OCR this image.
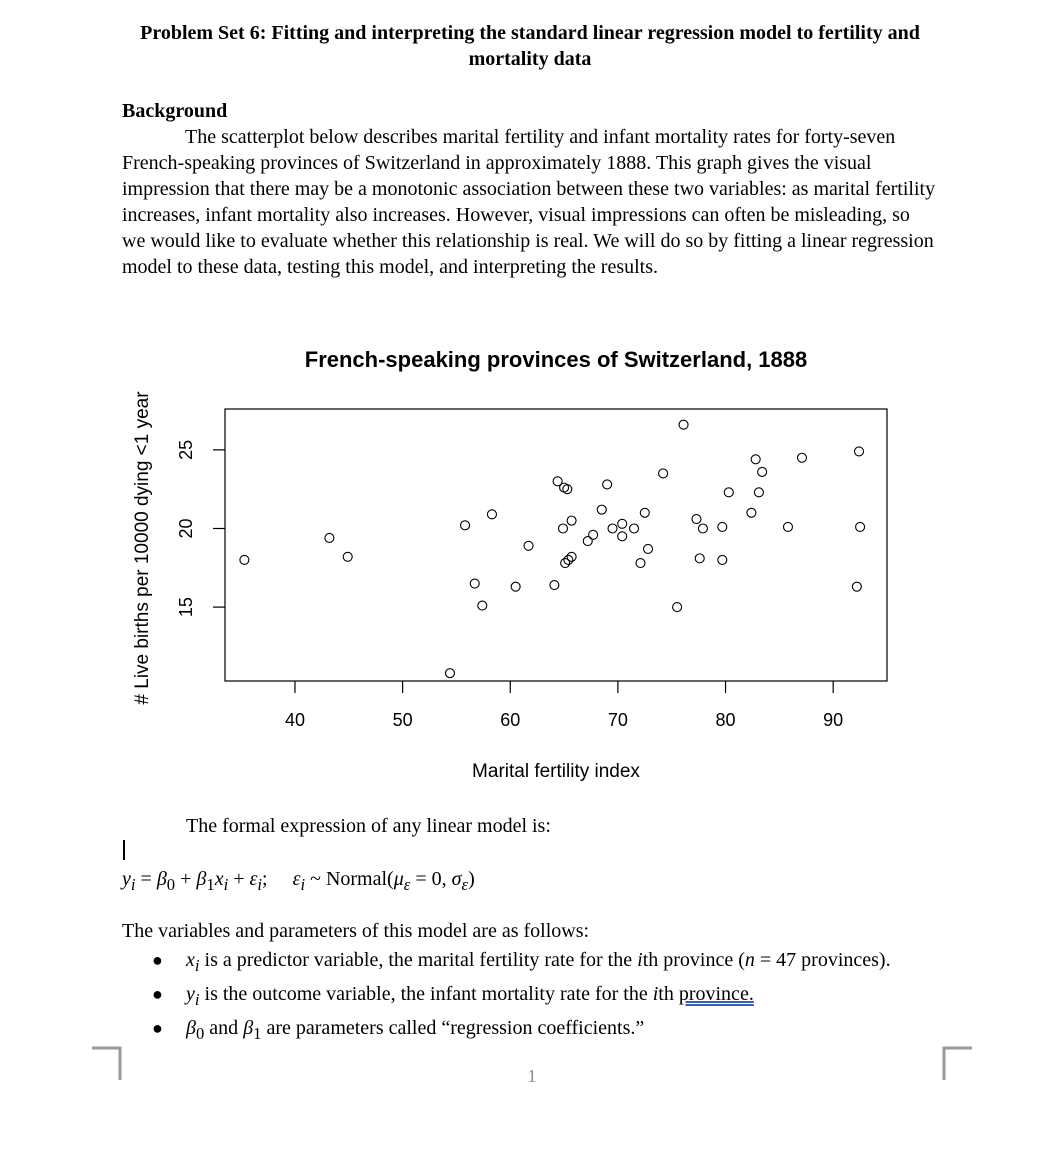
Problem Set 6: Fitting and interpreting the standard linear regression model to fertility and mortality data
Background
The scatterplot below describes marital fertility and infant mortality rates for forty-seven French-speaking provinces of Switzerland in approximately 1888. This graph gives the visual impression that there may be a monotonic association between these two variables: as marital fertility increases, infant mortality also increases. However, visual impressions can often be misleading, so we would like to evaluate whether this relationship is real. We will do so by fitting a linear regression model to these data, testing this model, and interpreting the results.
French-speaking provinces of Switzerland, 1888
40	50	60	70	80	90
15
20
25
Marital fertility index
# Live births per 10000 dying <1 year
The formal expression of any linear model is:
$y_i = \beta_0 + \beta_1x_i + \varepsilon_i$;     $\varepsilon_i$ ~ $Normal(\mu_\varepsilon = 0$, $\sigma_\varepsilon$)
The variables and parameters of this model are as follows:
● $x_i$ is a predictor variable, the marital fertility rate for the ith province (n = 47 provinces).
● $y_i$ is the outcome variable, the infant mortality rate for the ith province.
● $\beta_0$ and $\beta_1$ are parameters called “regression coefficients.”
1
